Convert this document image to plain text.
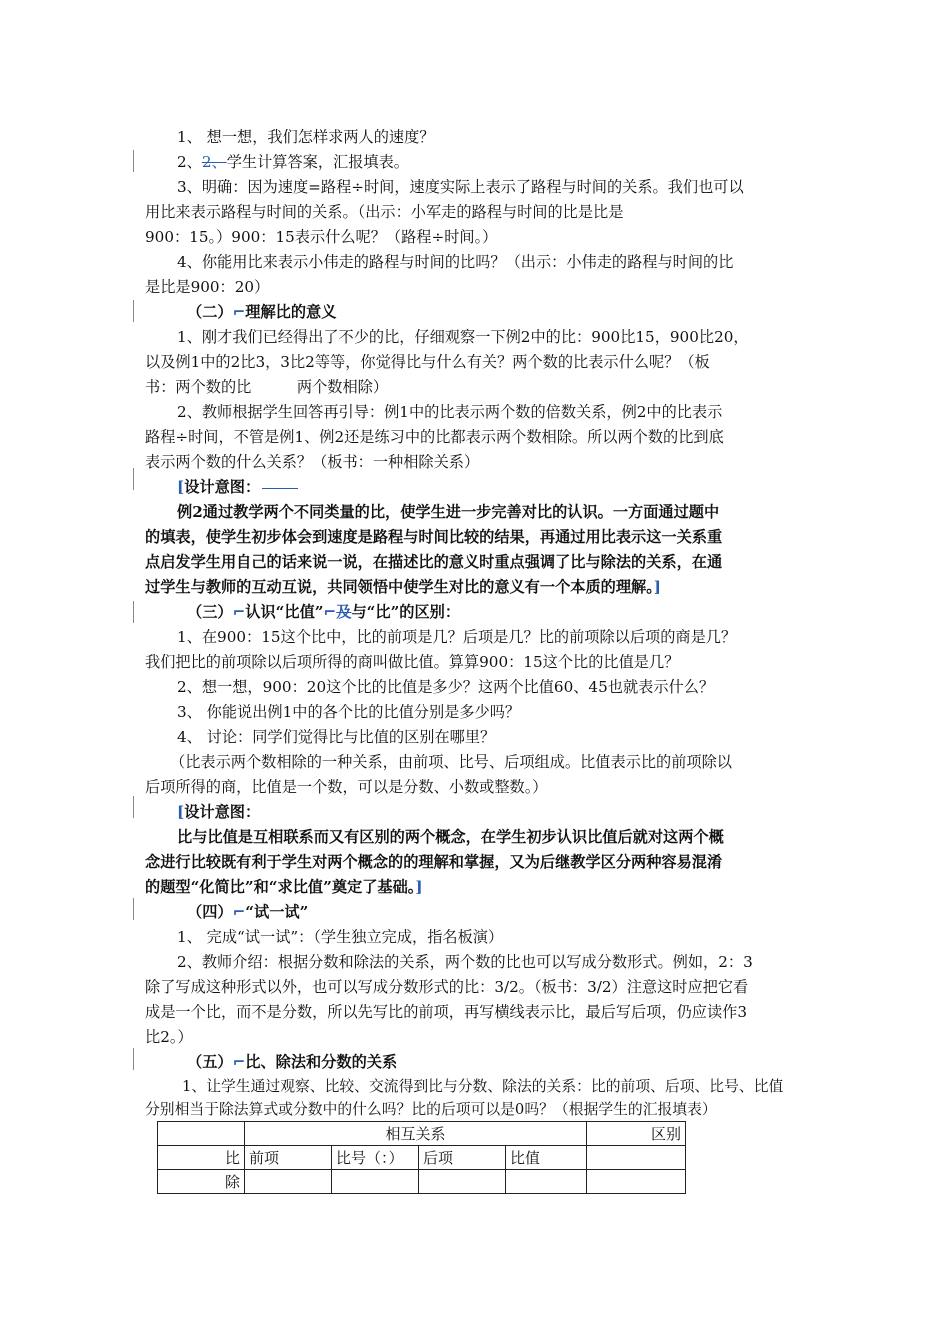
1、 想一想，我们怎样求两人的速度？
2、2、学生计算答案，汇报填表。
3、明确：因为速度=路程÷时间，速度实际上表示了路程与时间的关系。我们也可以
用比来表示路程与时间的关系。（出示：小军走的路程与时间的比是比是
900：15。）900：15表示什么呢？（路程÷时间。）
4、你能用比来表示小伟走的路程与时间的比吗？（出示：小伟走的路程与时间的比
是比是900：20）
（二）⌐理解比的意义
1、刚才我们已经得出了不少的比，仔细观察一下例2中的比：900比15，900比20，
以及例1中的2比3，3比2等等，你觉得比与什么有关？两个数的比表示什么呢？（板
书：两个数的比　　　两个数相除）
2、教师根据学生回答再引导：例1中的比表示两个数的倍数关系，例2中的比表示
路程÷时间，不管是例1、例2还是练习中的比都表示两个数相除。所以两个数的比到底
表示两个数的什么关系？（板书：一种相除关系）
[设计意图：
例2通过教学两个不同类量的比，使学生进一步完善对比的认识。一方面通过题中
的填表，使学生初步体会到速度是路程与时间比较的结果，再通过用比表示这一关系重
点启发学生用自己的话来说一说，在描述比的意义时重点强调了比与除法的关系，在通
过学生与教师的互动互说，共同领悟中使学生对比的意义有一个本质的理解。]
（三）⌐认识“比值”⌐及与“比”的区别：
1、在900：15这个比中，比的前项是几？后项是几？比的前项除以后项的商是几？
我们把比的前项除以后项所得的商叫做比值。算算900：15这个比的比值是几？
2、想一想，900：20这个比的比值是多少？这两个比值60、45也就表示什么？
3、 你能说出例1中的各个比的比值分别是多少吗？
4、 讨论：同学们觉得比与比值的区别在哪里？
（比表示两个数相除的一种关系，由前项、比号、后项组成。比值表示比的前项除以
后项所得的商，比值是一个数，可以是分数、小数或整数。）
[设计意图：
比与比值是互相联系而又有区别的两个概念，在学生初步认识比值后就对这两个概
念进行比较既有利于学生对两个概念的的理解和掌握，又为后继教学区分两种容易混淆
的题型“化简比”和“求比值”奠定了基础。]
（四）⌐“试一试”
1、 完成“试一试”：（学生独立完成，指名板演）
2、教师介绍：根据分数和除法的关系，两个数的比也可以写成分数形式。例如，2：3
除了写成这种形式以外，也可以写成分数形式的比：3/2。（板书：3/2）注意这时应把它看
成是一个比，而不是分数，所以先写比的前项，再写横线表示比，最后写后项，仍应读作3
比2。）
（五）⌐比、除法和分数的关系
1、让学生通过观察、比较、交流得到比与分数、除法的关系：比的前项、后项、比号、比值
分别相当于除法算式或分数中的什么吗？比的后项可以是0吗？（根据学生的汇报填表）
	相互关系				区别
比	前项	比号（：）	后项	比值	
除					
